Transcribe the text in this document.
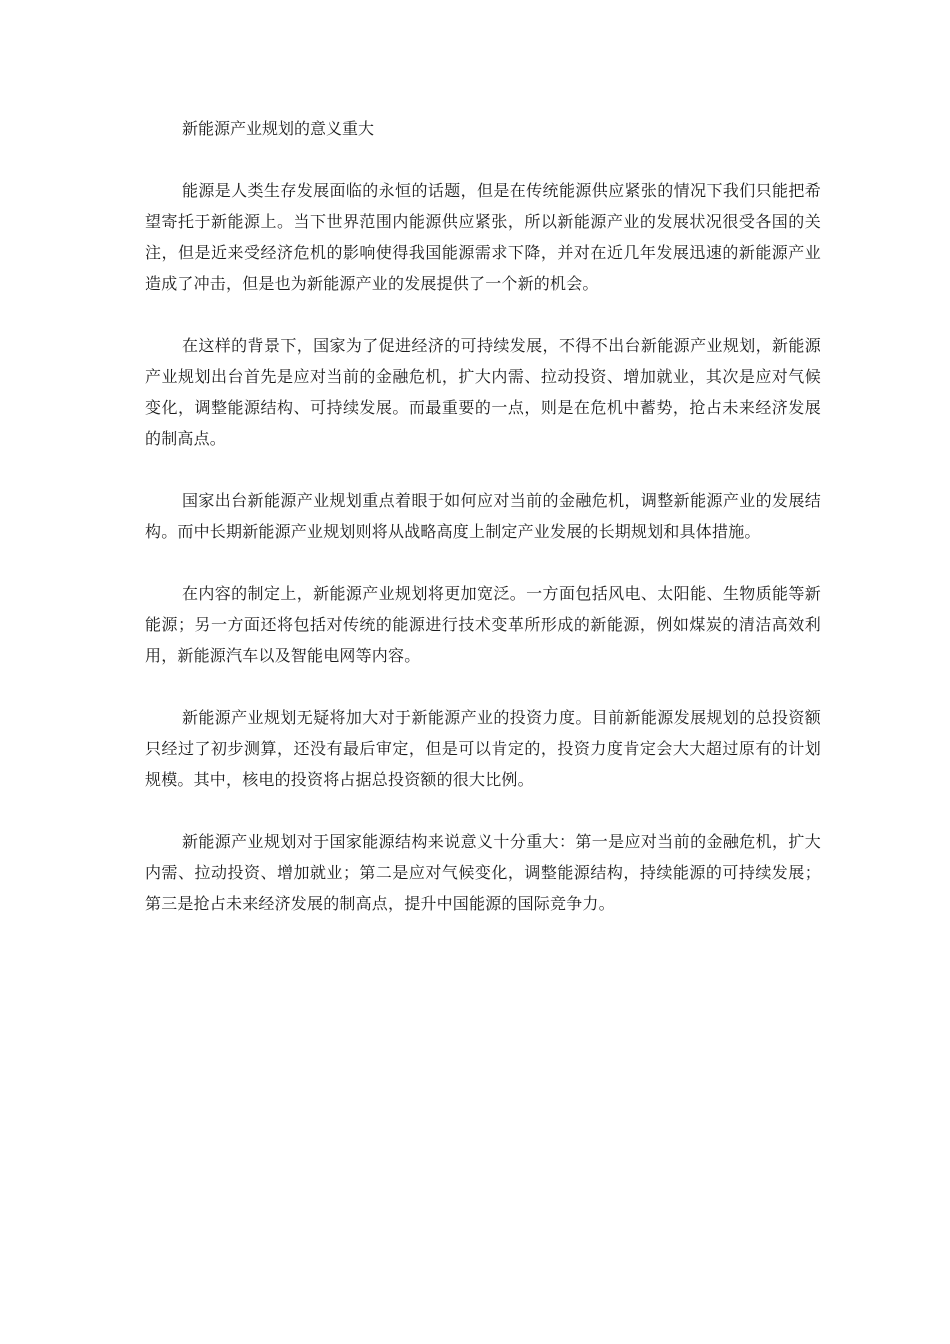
新能源产业规划的意义重大

能源是人类生存发展面临的永恒的话题，但是在传统能源供应紧张的情况下我们只能把希望寄托于新能源上。当下世界范围内能源供应紧张，所以新能源产业的发展状况很受各国的关注，但是近来受经济危机的影响使得我国能源需求下降，并对在近几年发展迅速的新能源产业造成了冲击，但是也为新能源产业的发展提供了一个新的机会。

在这样的背景下，国家为了促进经济的可持续发展，不得不出台新能源产业规划，新能源产业规划出台首先是应对当前的金融危机，扩大内需、拉动投资、增加就业，其次是应对气候变化，调整能源结构、可持续发展。而最重要的一点，则是在危机中蓄势，抢占未来经济发展的制高点。

国家出台新能源产业规划重点着眼于如何应对当前的金融危机，调整新能源产业的发展结构。而中长期新能源产业规划则将从战略高度上制定产业发展的长期规划和具体措施。

在内容的制定上，新能源产业规划将更加宽泛。一方面包括风电、太阳能、生物质能等新能源；另一方面还将包括对传统的能源进行技术变革所形成的新能源，例如煤炭的清洁高效利用，新能源汽车以及智能电网等内容。

新能源产业规划无疑将加大对于新能源产业的投资力度。目前新能源发展规划的总投资额只经过了初步测算，还没有最后审定，但是可以肯定的，投资力度肯定会大大超过原有的计划规模。其中，核电的投资将占据总投资额的很大比例。

新能源产业规划对于国家能源结构来说意义十分重大：第一是应对当前的金融危机，扩大内需、拉动投资、增加就业；第二是应对气候变化，调整能源结构，持续能源的可持续发展；第三是抢占未来经济发展的制高点，提升中国能源的国际竞争力。
